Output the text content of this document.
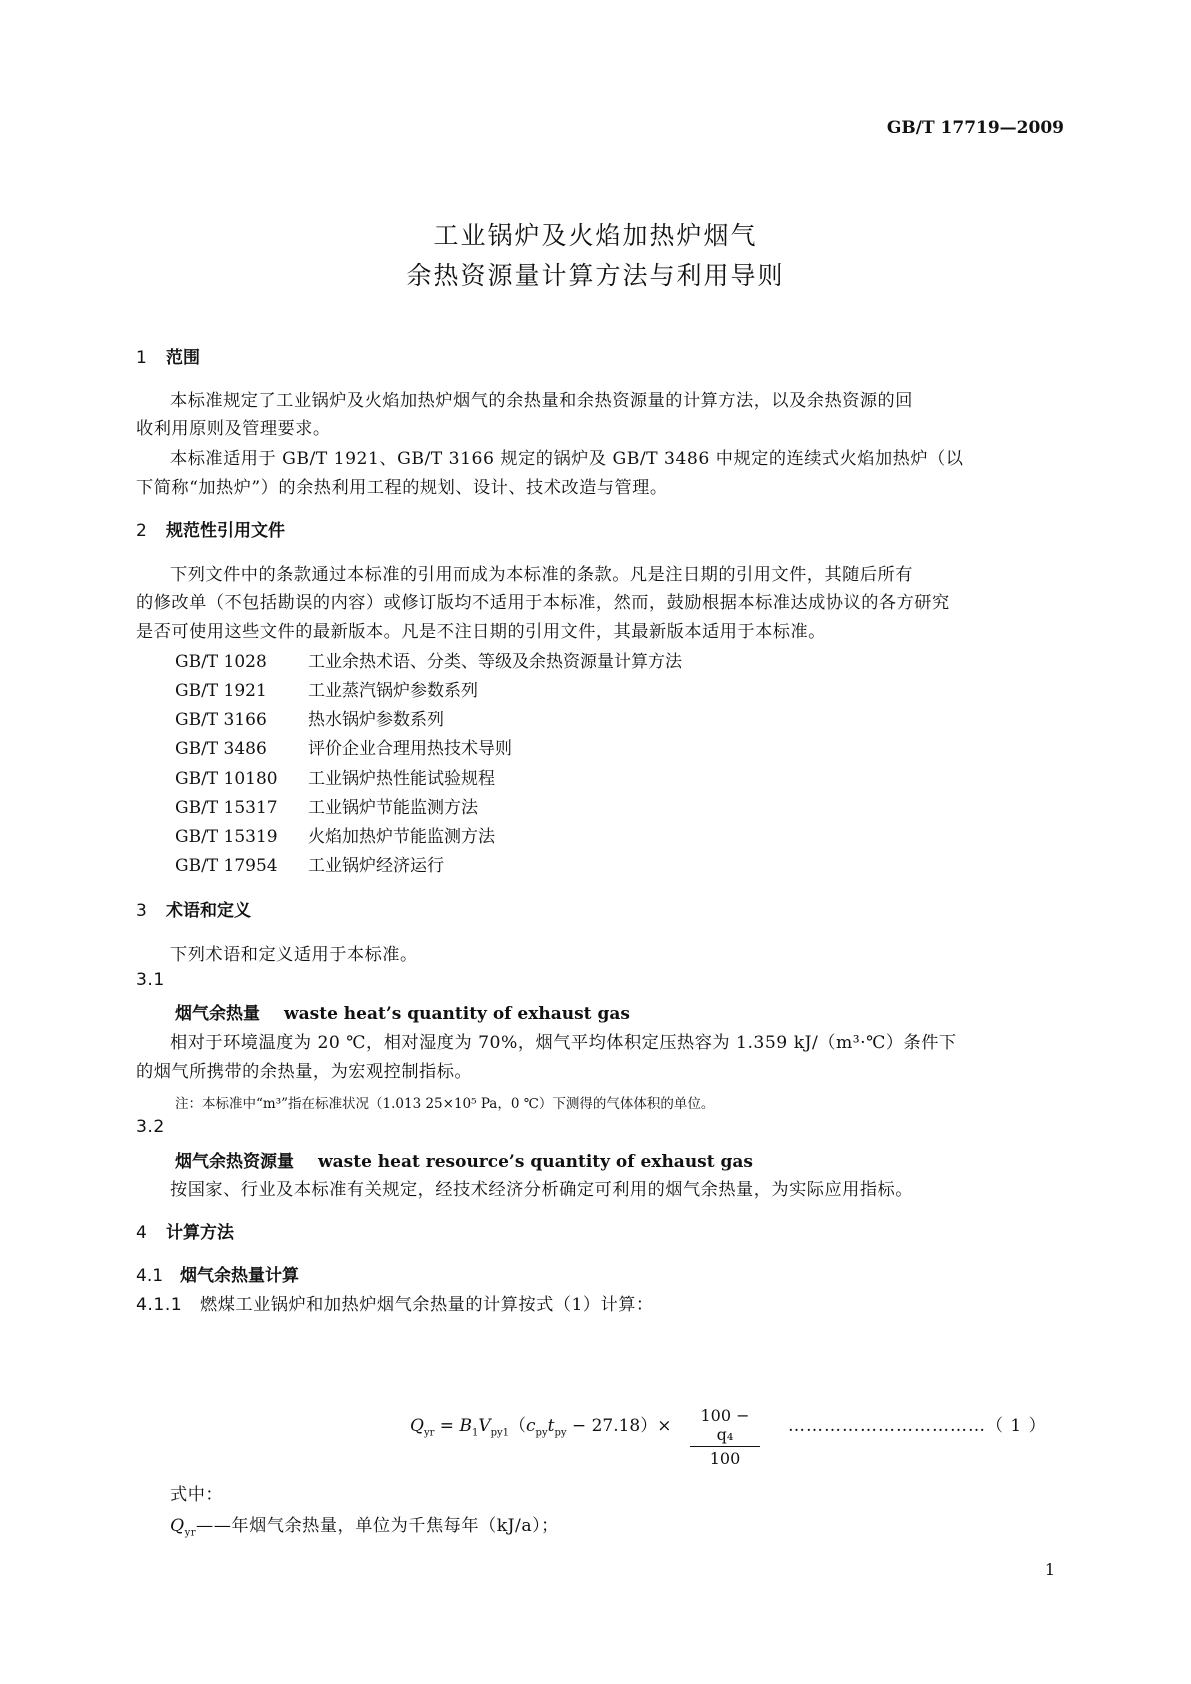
GB/T 17719—2009
工业锅炉及火焰加热炉烟气
余热资源量计算方法与利用导则
1 范围
本标准规定了工业锅炉及火焰加热炉烟气的余热量和余热资源量的计算方法，以及余热资源的回
收利用原则及管理要求。
本标准适用于 GB/T 1921、GB/T 3166 规定的锅炉及 GB/T 3486 中规定的连续式火焰加热炉（以
下简称“加热炉”）的余热利用工程的规划、设计、技术改造与管理。
2 规范性引用文件
下列文件中的条款通过本标准的引用而成为本标准的条款。凡是注日期的引用文件，其随后所有
的修改单（不包括勘误的内容）或修订版均不适用于本标准，然而，鼓励根据本标准达成协议的各方研究
是否可使用这些文件的最新版本。凡是不注日期的引用文件，其最新版本适用于本标准。
GB/T 1028 工业余热术语、分类、等级及余热资源量计算方法
GB/T 1921 工业蒸汽锅炉参数系列
GB/T 3166 热水锅炉参数系列
GB/T 3486 评价企业合理用热技术导则
GB/T 10180 工业锅炉热性能试验规程
GB/T 15317 工业锅炉节能监测方法
GB/T 15319 火焰加热炉节能监测方法
GB/T 17954 工业锅炉经济运行
3 术语和定义
下列术语和定义适用于本标准。
3.1
烟气余热量 waste heat’s quantity of exhaust gas
相对于环境温度为 20 ℃，相对湿度为 70%，烟气平均体积定压热容为 1.359 kJ/（m³·℃）条件下
的烟气所携带的余热量，为宏观控制指标。
注：本标准中“m³”指在标准状况（1.013 25×10⁵ Pa，0 ℃）下测得的气体体积的单位。
3.2
烟气余热资源量 waste heat resource’s quantity of exhaust gas
按国家、行业及本标准有关规定，经技术经济分析确定可利用的烟气余热量，为实际应用指标。
4 计算方法
4.1 烟气余热量计算
4.1.1 燃煤工业锅炉和加热炉烟气余热量的计算按式（1）计算：
$Q_{yr} = B_1V_{py1}(c_{py}t_{py} - 27.18)\times$
100 − q₄
100
……………………………（ 1 ）
式中：
$Q_{yr}——$年烟气余热量，单位为千焦每年（kJ/a）；
1
